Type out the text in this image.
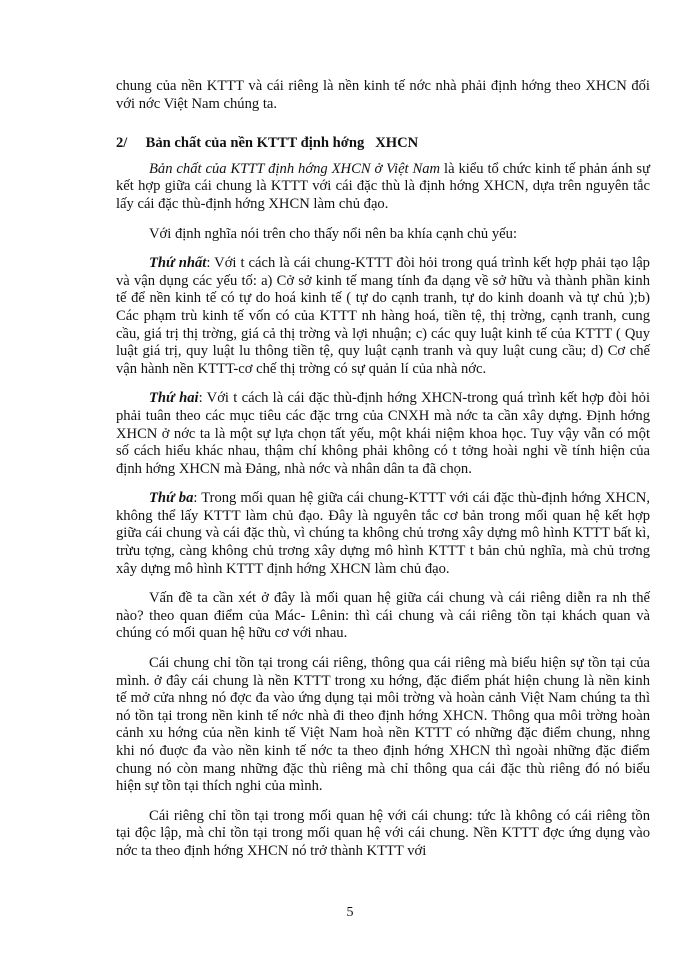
chung của nền KTTT và cái riêng là nền kinh tế nớc nhà phải định hớng theo XHCN đối với nớc Việt Nam chúng ta.

2/     Bản chất của nền KTTT định hớng   XHCN

Bản chất của KTTT định hớng XHCN ở Việt Nam là kiểu tổ chức kinh tế phản ánh sự kết hợp giữa cái chung là KTTT với cái đặc thù là định hớng XHCN, dựa trên nguyên tắc lấy cái đặc thù-định hớng XHCN làm chủ đạo.

Với định nghĩa nói trên cho thấy nổi nên ba khía cạnh chủ yếu:

Thứ nhất: Với t cách là cái chung-KTTT đòi hỏi trong quá trình kết hợp phải tạo lập và vận dụng các yếu tố: a) Cở sở kinh tế mang tính đa dạng về sở hữu và thành phần kinh tế để nền kinh tế có tự do hoá kinh tế ( tự do cạnh tranh, tự do kinh doanh và tự chủ );b) Các phạm trù kinh tế vốn có của KTTT nh hàng hoá, tiền tệ, thị trờng, cạnh tranh, cung cầu, giá trị thị trờng, giá cả thị trờng và lợi nhuận; c) các quy luật kinh tế của KTTT ( Quy luật giá trị, quy luật lu thông tiền tệ, quy luật cạnh tranh và quy luật cung cầu; d) Cơ chế vận hành nền KTTT-cơ chế thị trờng có sự quản lí của nhà nớc.

Thứ hai: Với t cách là cái đặc thù-định hớng XHCN-trong quá trình kết hợp đòi hỏi phải tuân theo các mục tiêu các đặc trng của CNXH mà nớc ta cần xây dựng. Định hớng XHCN ở nớc ta là một sự lựa chọn tất yếu, một khái niệm khoa học. Tuy vậy vẫn có một số cách hiểu khác nhau, thậm chí không phải không có t tởng hoài nghi về tính hiện của định hớng XHCN mà Đảng, nhà nớc và nhân dân ta đã chọn.

Thứ ba: Trong mối quan hệ giữa cái chung-KTTT với cái đặc thù-định hớng XHCN, không thể lấy KTTT làm chủ đạo. Đây là nguyên tắc cơ bản trong mối quan hệ kết hợp giữa cái chung và cái đặc thù, vì chúng ta không chủ trơng xây dựng mô hình KTTT bất kì, trừu tợng, càng không chủ trơng xây dựng mô hình KTTT t bản chủ nghĩa, mà chủ trơng xây dựng mô hình KTTT định hớng XHCN làm chủ đạo.

Vấn đề ta cần xét ở đây là mối quan hệ giữa cái chung và cái riêng diễn ra nh thế nào? theo quan điểm của Mác- Lênin: thì cái chung và cái riêng tồn tại khách quan và chúng có mối quan hệ hữu cơ với nhau.

Cái chung chỉ tồn tại trong cái riêng, thông qua cái riêng mà biểu hiện sự tồn tại của mình. ở đây cái chung là nền KTTT trong xu hớng, đặc điểm phát hiện chung là nền kinh tế mở cửa nhng nó đợc đa vào ứng dụng tại môi trờng và hoàn cảnh Việt Nam chúng ta thì nó tồn tại trong nền kinh tế nớc nhà đi theo định hớng XHCN. Thông qua môi trờng hoàn cảnh xu hớng của nền kinh tế Việt Nam hoà nền KTTT có những đặc điểm chung, nhng khi nó đuợc đa vào nền kinh tế nớc ta theo định hớng XHCN thì ngoài những đặc điểm chung nó còn mang những đặc thù riêng mà chỉ thông qua cái đặc thù riêng đó nó biểu hiện sự tồn tại thích nghi của mình.

Cái riêng chỉ tồn tại trong mối quan hệ với cái chung: tức là không có cái riêng tồn tại độc lập, mà chỉ tồn tại trong mối quan hệ với cái chung. Nền KTTT đợc ứng dụng vào nớc ta theo định hớng XHCN nó trở thành KTTT với

5
